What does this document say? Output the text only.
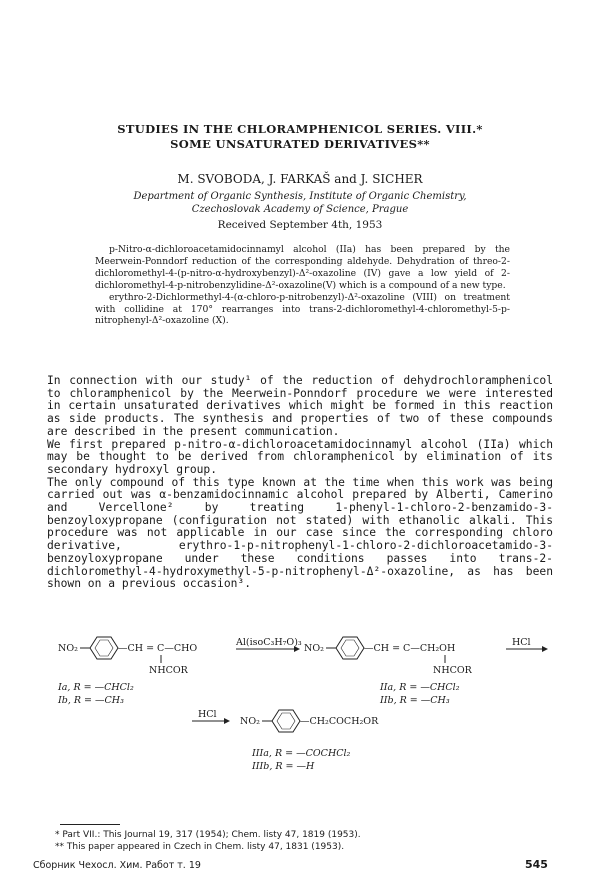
STUDIES IN THE CHLORAMPHENICOL SERIES. VIII.*
SOME UNSATURATED DERIVATIVES**
M. SVOBODA, J. FARKAŠ and J. SICHER
Department of Organic Synthesis, Institute of Organic Chemistry,
Czechoslovak Academy of Science, Prague
Received September 4th, 1953

p-Nitro-α-dichloroacetamidocinnamyl alcohol (IIa) has been prepared by the Meerwein-Ponndorf reduction of the corresponding aldehyde. Dehydration of threo-2-dichloromethyl-4-(p-nitro-α-hydroxybenzyl)-Δ²-oxazoline (IV) gave a low yield of 2-dichloromethyl-4-p-nitrobenzylidine-Δ²-oxazoline(V) which is a compound of a new type.

erythro-2-Dichlormethyl-4-(α-chloro-p-nitrobenzyl)-Δ²-oxazoline (VIII) on treatment with collidine at 170° rearranges into trans-2-dichloromethyl-4-chloromethyl-5-p-nitrophenyl-Δ²-oxazoline (X).

In connection with our study¹ of the reduction of dehydrochloramphenicol to chloramphenicol by the Meerwein-Ponndorf procedure we were interested in certain unsaturated derivatives which might be formed in this reaction as side products. The synthesis and properties of two of these compounds are described in the present communication.

We first prepared p-nitro-α-dichloroacetamidocinnamyl alcohol (IIa) which may be thought to be derived from chloramphenicol by elimination of its secondary hydroxyl group.

The only compound of this type known at the time when this work was being carried out was α-benzamidocinnamic alcohol prepared by Alberti, Camerino and Vercellone² by treating 1-phenyl-1-chloro-2-benzamido-3-benzoyloxypropane (configuration not stated) with ethanolic alkali. This procedure was not applicable in our case since the corresponding chloro derivative, erythro-1-p-nitrophenyl-1-chloro-2-dichloroacetamido-3-benzoyloxypropane under these conditions passes into trans-2-dichloromethyl-4-hydroxymethyl-5-p-nitrophenyl-Δ²-oxazoline, as has been shown on a previous occasion³.

NO₂	—CH = C—CHO
NHCOR
Ia, R = —CHCl₂
Ib, R = —CH₃
Al(isoC₃H₇O)₃
NO₂	—CH = C—CH₂OH
NHCOR
IIa, R = —CHCl₂
IIb, R = —CH₃
HCl
HCl
NO₂	—CH₂COCH₂OR
IIIa, R = —COCHCl₂
IIIb, R = —H

* Part VII.: This Journal 19, 317 (1954); Chem. listy 47, 1819 (1953).

** This paper appeared in Czech in Chem. listy 47, 1831 (1953).

Сборник Чехосл. Хим. Работ т. 19	545
